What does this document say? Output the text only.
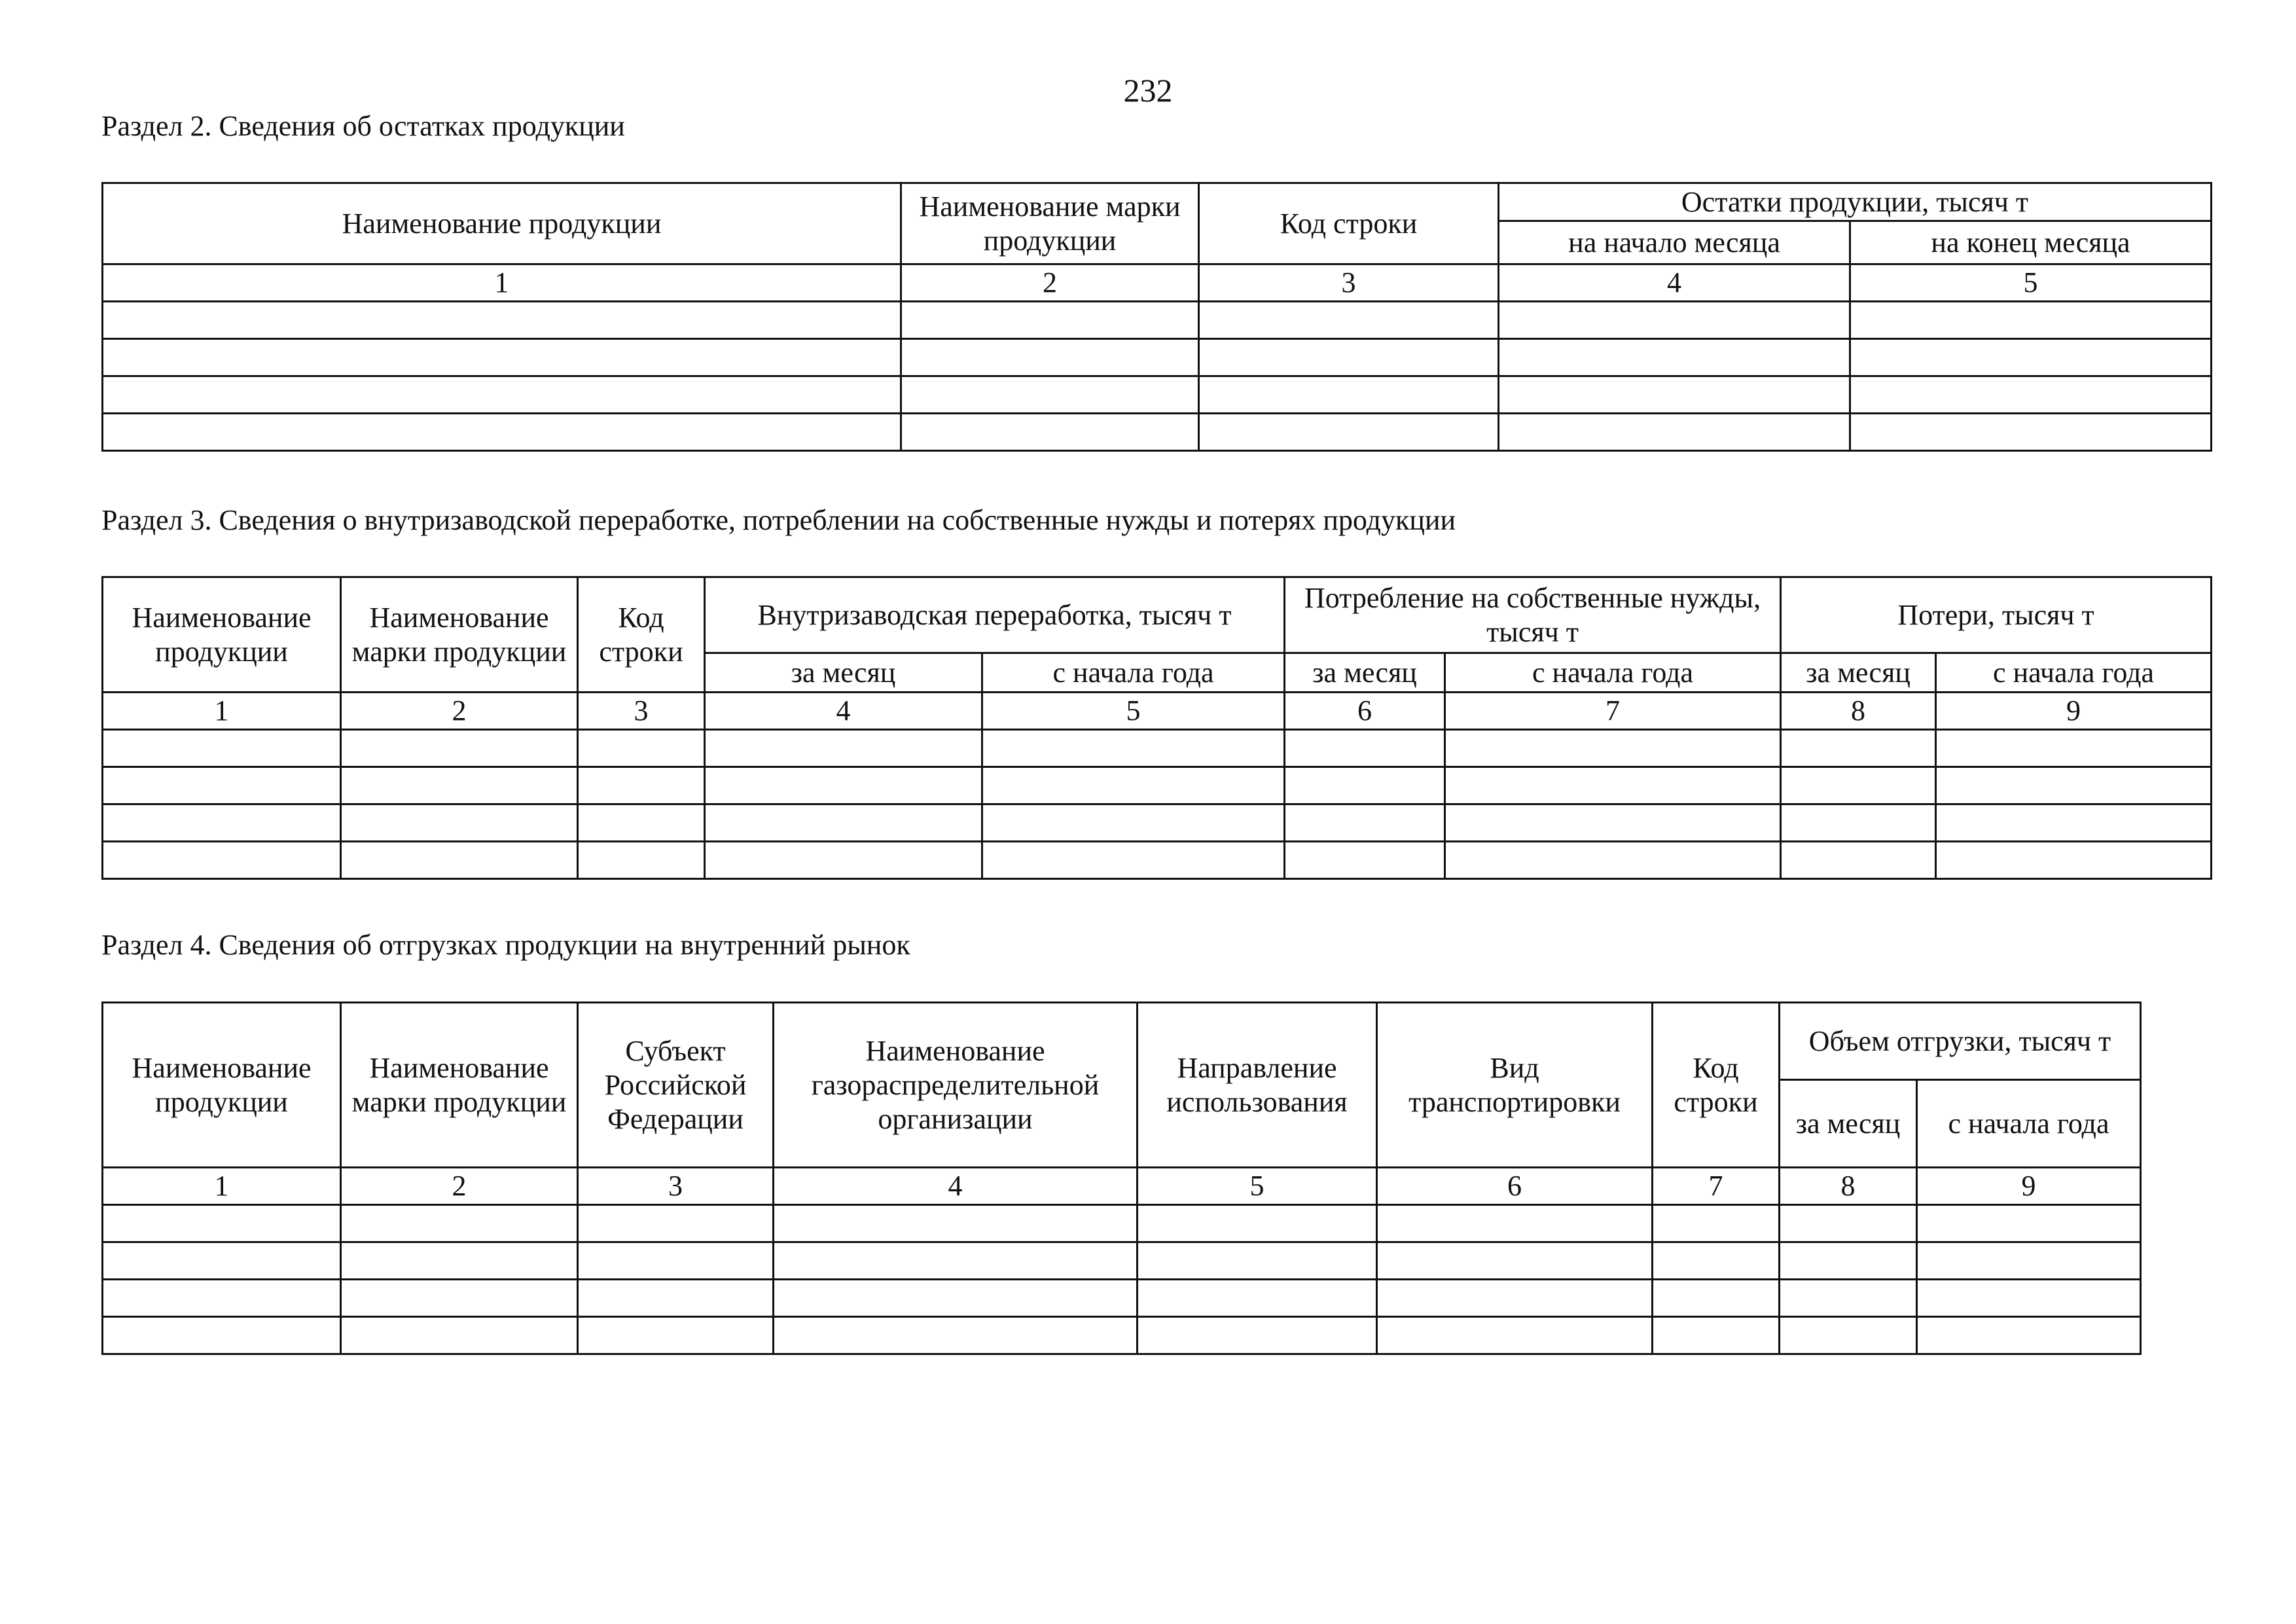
232
Раздел 2. Сведения об остатках продукции
Наименование продукции	Наименование марки продукции	Код строки	Остатки продукции, тысяч т	
			на начало месяца	на конец месяца
1	2	3	4	5

Раздел 3. Сведения о внутризаводской переработке, потреблении на собственные нужды и потерях продукции
Наименование продукции	Наименование марки продукции	Код строки	Внутризаводская переработка, тысяч т		Потребление на собственные нужды, тысяч т		Потери, тысяч т	
			за месяц	с начала года	за месяц	с начала года	за месяц	с начала года
1	2	3	4	5	6	7	8	9

Раздел 4. Сведения об отгрузках продукции на внутренний рынок
Наименование продукции	Наименование марки продукции	Субъект Российской Федерации	Наименование газораспределительной организации	Направление использования	Вид транспортировки	Код строки	Объем отгрузки, тысяч т	
							за месяц	с начала года
1	2	3	4	5	6	7	8	9
